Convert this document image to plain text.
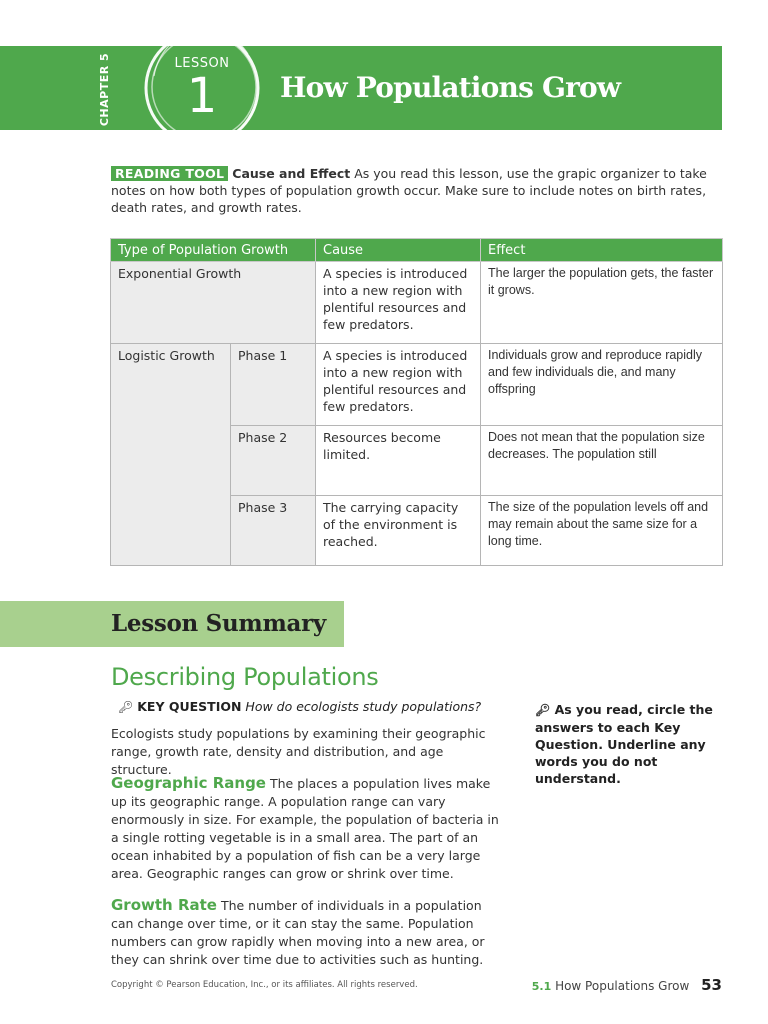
CHAPTER 5	LESSON
1	How Populations Grow
READING TOOL Cause and Effect As you read this lesson, use the grapic organizer to take notes on how both types of population growth occur. Make sure to include notes on birth rates, death rates, and growth rates.
Type of Population Growth		Cause	Effect
Exponential Growth		A species is introduced into a new region with plentiful resources and few predators.	The larger the population gets, the faster
it grows.

Logistic Growth	Phase 1	A species is introduced into a new region with plentiful resources and few predators.	Individuals grow and reproduce rapidly and few individuals die, and many offspring

	Phase 2	Resources become limited.	Does not mean that the population size
decreases. The population still

	Phase 3	The carrying capacity of the environment is reached.	The size of the population levels off and may remain about the same size for a long time.
Lesson Summary
Describing Populations
🔑︎ KEY QUESTION How do ecologists study populations?
Ecologists study populations by examining their geographic range, growth rate, density and distribution, and age structure.
Geographic Range The places a population lives make up its geographic range. A population range can vary enormously in size. For example, the population of bacteria in a single rotting vegetable is in a small area. The part of an ocean inhabited by a population of fish can be a very large area. Geographic ranges can grow or shrink over time.
Growth Rate The number of individuals in a population can change over time, or it can stay the same. Population numbers can grow rapidly when moving into a new area, or they can shrink over time due to activities such as hunting.
🔑︎ As you read, circle the answers to each Key Question. Underline any words you do not understand.
Copyright © Pearson Education, Inc., or its affiliates. All rights reserved.	5.1 How Populations Grow 53
